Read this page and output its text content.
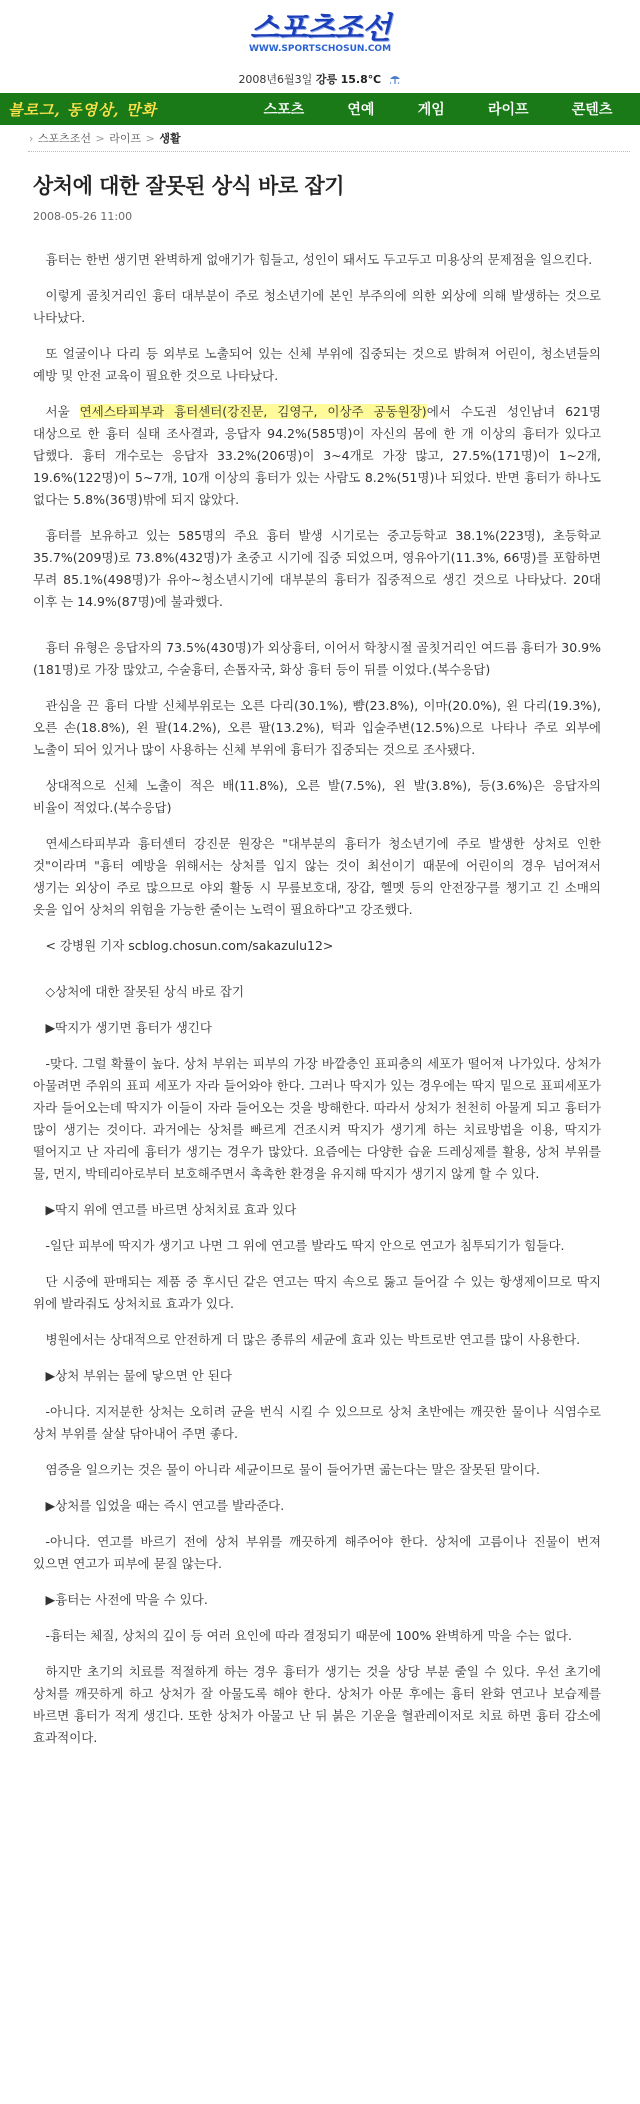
스포츠조선
WWW.SPORTSCHOSUN.COM
2008년6월3일 강릉 15.8℃
블로그, 동영상, 만화	스포츠	연예	게임	라이프	콘텐츠
› 스포츠조선 > 라이프 > 생활
상처에 대한 잘못된 상식 바로 잡기
2008-05-26 11:00

흉터는 한번 생기면 완벽하게 없애기가 힘들고, 성인이 돼서도 두고두고 미용상의 문제점을 일으킨다.

이렇게 골칫거리인 흉터 대부분이 주로 청소년기에 본인 부주의에 의한 외상에 의해 발생하는 것으로 나타났다.

또 얼굴이나 다리 등 외부로 노출되어 있는 신체 부위에 집중되는 것으로 밝혀져 어린이, 청소년들의 예방 및 안전 교육이 필요한 것으로 나타났다.

서울 연세스타피부과 흉터센터(강진문, 김영구, 이상주 공동원장)에서 수도권 성인남녀 621명 대상으로 한 흉터 실태 조사결과, 응답자 94.2%(585명)이 자신의 몸에 한 개 이상의 흉터가 있다고 답했다. 흉터 개수로는 응답자 33.2%(206명)이 3~4개로 가장 많고, 27.5%(171명)이 1~2개, 19.6%(122명)이 5~7개, 10개 이상의 흉터가 있는 사람도 8.2%(51명)나 되었다. 반면 흉터가 하나도 없다는 5.8%(36명)밖에 되지 않았다.

흉터를 보유하고 있는 585명의 주요 흉터 발생 시기로는 중고등학교 38.1%(223명), 초등학교 35.7%(209명)로 73.8%(432명)가 초중고 시기에 집중 되었으며, 영유아기(11.3%, 66명)를 포함하면 무려 85.1%(498명)가 유아~청소년시기에 대부분의 흉터가 집중적으로 생긴 것으로 나타났다. 20대 이후 는 14.9%(87명)에 불과했다.

흉터 유형은 응답자의 73.5%(430명)가 외상흉터, 이어서 학창시절 골칫거리인 여드름 흉터가 30.9%(181명)로 가장 많았고, 수술흉터, 손톱자국, 화상 흉터 등이 뒤를 이었다.(복수응답)

관심을 끈 흉터 다발 신체부위로는 오른 다리(30.1%), 뺨(23.8%), 이마(20.0%), 왼 다리(19.3%), 오른 손(18.8%), 왼 팔(14.2%), 오른 팔(13.2%), 턱과 입술주변(12.5%)으로 나타나 주로 외부에 노출이 되어 있거나 많이 사용하는 신체 부위에 흉터가 집중되는 것으로 조사됐다.

상대적으로 신체 노출이 적은 배(11.8%), 오른 발(7.5%), 왼 발(3.8%), 등(3.6%)은 응답자의 비율이 적었다.(복수응답)

연세스타피부과 흉터센터 강진문 원장은 "대부분의 흉터가 청소년기에 주로 발생한 상처로 인한 것"이라며 "흉터 예방을 위해서는 상처를 입지 않는 것이 최선이기 때문에 어린이의 경우 넘어져서 생기는 외상이 주로 많으므로 야외 활동 시 무릎보호대, 장갑, 헬멧 등의 안전장구를 챙기고 긴 소매의 옷을 입어 상처의 위험을 가능한 줄이는 노력이 필요하다"고 강조했다.

< 강병원 기자 scblog.chosun.com/sakazulu12>

◇상처에 대한 잘못된 상식 바로 잡기

▶딱지가 생기면 흉터가 생긴다

-맞다. 그럴 확률이 높다. 상처 부위는 피부의 가장 바깥층인 표피층의 세포가 떨어져 나가있다. 상처가 아물려면 주위의 표피 세포가 자라 들어와야 한다. 그러나 딱지가 있는 경우에는 딱지 밑으로 표피세포가 자라 들어오는데 딱지가 이들이 자라 들어오는 것을 방해한다. 따라서 상처가 천천히 아물게 되고 흉터가 많이 생기는 것이다. 과거에는 상처를 빠르게 건조시켜 딱지가 생기게 하는 치료방법을 이용, 딱지가 떨어지고 난 자리에 흉터가 생기는 경우가 많았다. 요즘에는 다양한 습윤 드레싱제를 활용, 상처 부위를 물, 먼지, 박테리아로부터 보호해주면서 촉촉한 환경을 유지해 딱지가 생기지 않게 할 수 있다.

▶딱지 위에 연고를 바르면 상처치료 효과 있다

-일단 피부에 딱지가 생기고 나면 그 위에 연고를 발라도 딱지 안으로 연고가 침투되기가 힘들다.

단 시중에 판매되는 제품 중 후시딘 같은 연고는 딱지 속으로 뚫고 들어갈 수 있는 항생제이므로 딱지 위에 발라줘도 상처치료 효과가 있다.

병원에서는 상대적으로 안전하게 더 많은 종류의 세균에 효과 있는 박트로반 연고를 많이 사용한다.

▶상처 부위는 물에 닿으면 안 된다

-아니다. 지저분한 상처는 오히려 균을 번식 시킬 수 있으므로 상처 초반에는 깨끗한 물이나 식염수로 상처 부위를 살살 닦아내어 주면 좋다.

염증을 일으키는 것은 물이 아니라 세균이므로 물이 들어가면 곪는다는 말은 잘못된 말이다.

▶상처를 입었을 때는 즉시 연고를 발라준다.

-아니다. 연고를 바르기 전에 상처 부위를 깨끗하게 해주어야 한다. 상처에 고름이나 진물이 번져 있으면 연고가 피부에 묻질 않는다.

▶흉터는 사전에 막을 수 있다.

-흉터는 체질, 상처의 깊이 등 여러 요인에 따라 결정되기 때문에 100% 완벽하게 막을 수는 없다.

하지만 초기의 치료를 적절하게 하는 경우 흉터가 생기는 것을 상당 부분 줄일 수 있다. 우선 초기에 상처를 깨끗하게 하고 상처가 잘 아물도록 해야 한다. 상처가 아문 후에는 흉터 완화 연고나 보습제를 바르면 흉터가 적게 생긴다. 또한 상처가 아물고 난 뒤 붉은 기운을 혈관레이저로 치료 하면 흉터 감소에 효과적이다.
